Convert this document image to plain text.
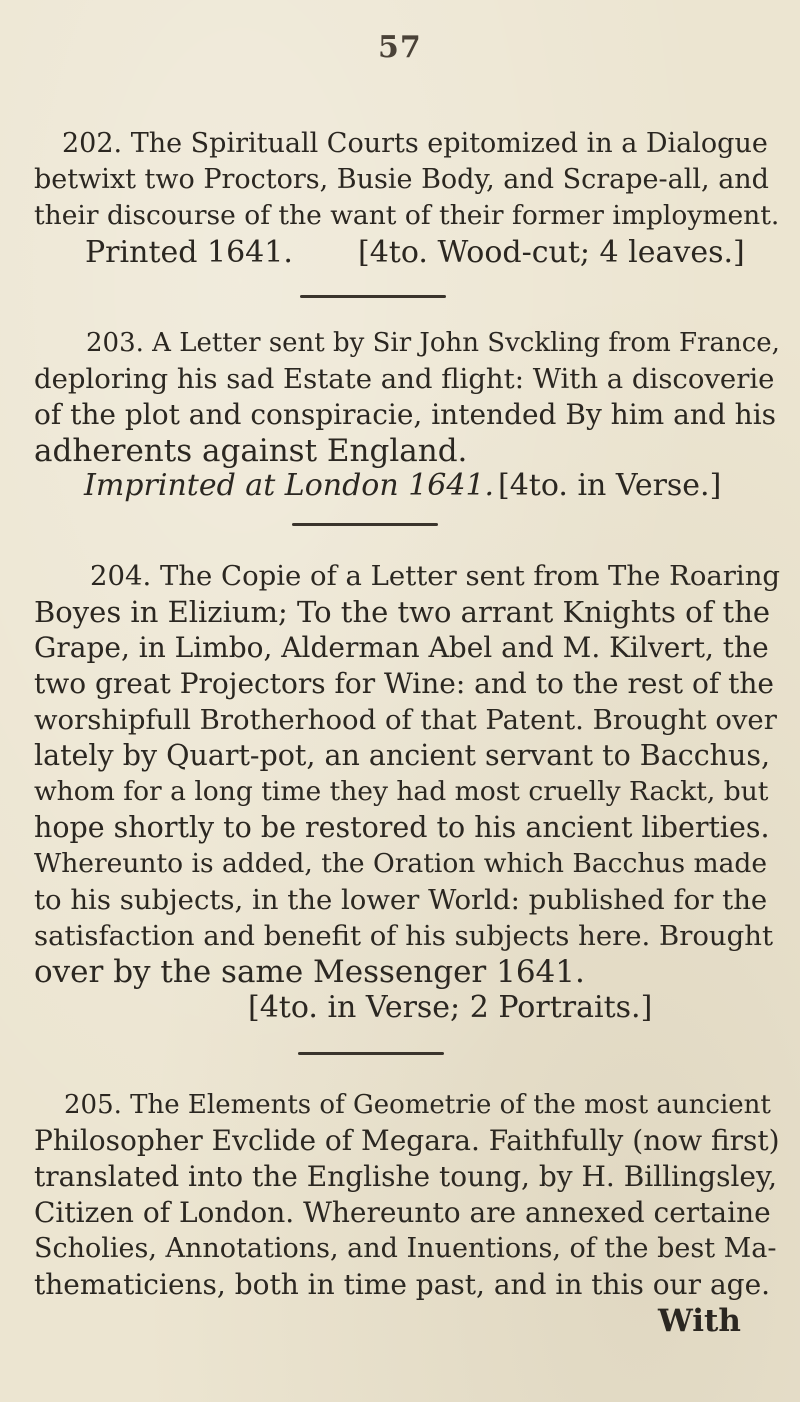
57
202. The Spirituall Courts epitomized in a Dialogue
betwixt two Proctors, Busie Body, and Scrape-all, and
their discourse of the want of their former imployment.
Printed 1641. [4to. Wood-cut; 4 leaves.]
203. A Letter sent by Sir John Svckling from France,
deploring his sad Estate and flight: With a discoverie
of the plot and conspiracie, intended By him and his
adherents against England.
Imprinted at London 1641. [4to. in Verse.]
204. The Copie of a Letter sent from The Roaring
Boyes in Elizium; To the two arrant Knights of the
Grape, in Limbo, Alderman Abel and M. Kilvert, the
two great Projectors for Wine: and to the rest of the
worshipfull Brotherhood of that Patent. Brought over
lately by Quart-pot, an ancient servant to Bacchus,
whom for a long time they had most cruelly Rackt, but
hope shortly to be restored to his ancient liberties.
Whereunto is added, the Oration which Bacchus made
to his subjects, in the lower World: published for the
satisfaction and benefit of his subjects here. Brought
over by the same Messenger 1641.
[4to. in Verse; 2 Portraits.]
205. The Elements of Geometrie of the most auncient
Philosopher Evclide of Megara. Faithfully (now first)
translated into the Englishe toung, by H. Billingsley,
Citizen of London. Whereunto are annexed certaine
Scholies, Annotations, and Inuentions, of the best Ma-
thematiciens, both in time past, and in this our age.
With
